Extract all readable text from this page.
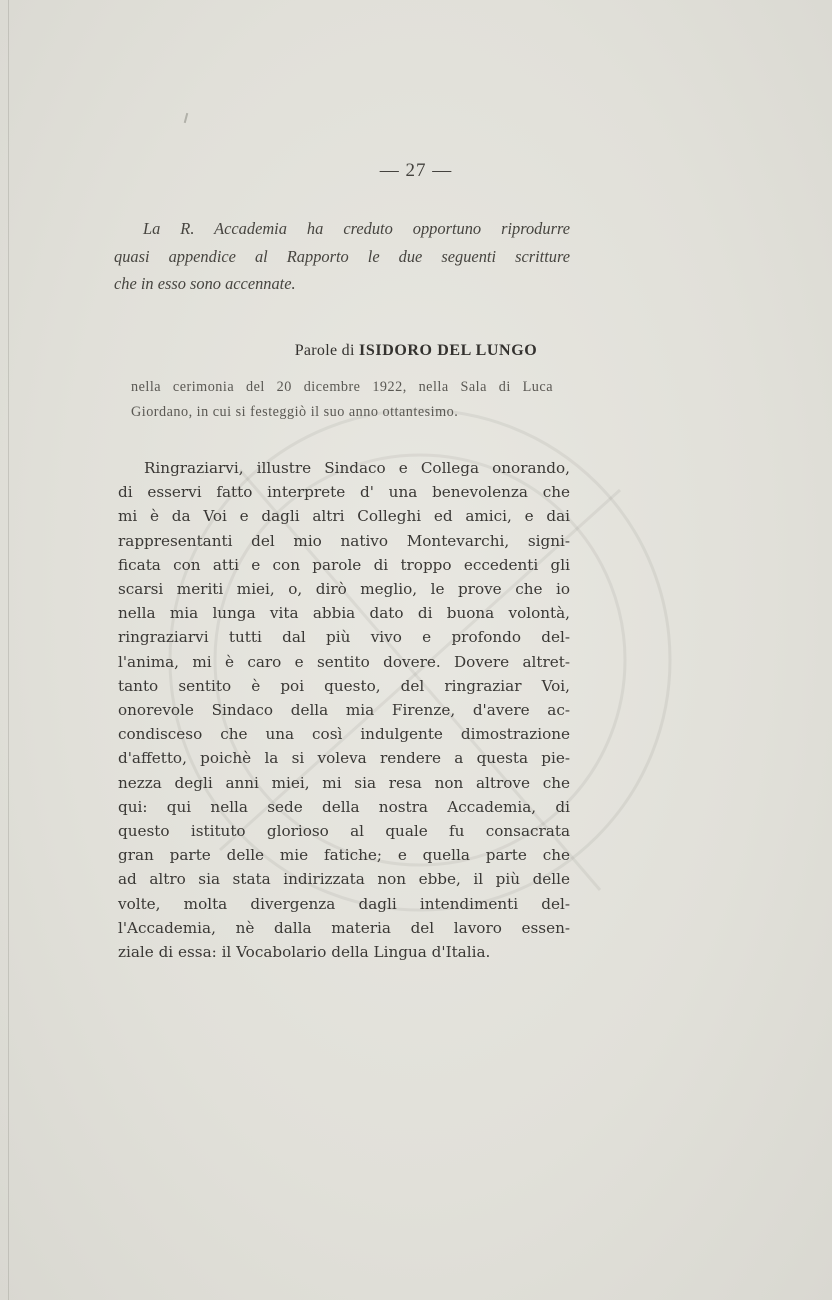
— 27 —
La R. Accademia ha creduto opportuno riprodurre
quasi appendice al Rapporto le due seguenti scritture
che in esso sono accennate.
Parole di ISIDORO DEL LUNGO
nella cerimonia del 20 dicembre 1922, nella Sala di Luca
Giordano, in cui si festeggiò il suo anno ottantesimo.
Ringraziarvi, illustre Sindaco e Collega onorando,
di esservi fatto interprete d' una benevolenza che
mi è da Voi e dagli altri Colleghi ed amici, e dai
rappresentanti del mio nativo Montevarchi, signi-
ficata con atti e con parole di troppo eccedenti gli
scarsi meriti miei, o, dirò meglio, le prove che io
nella mia lunga vita abbia dato di buona volontà,
ringraziarvi tutti dal più vivo e profondo del-
l'anima, mi è caro e sentito dovere. Dovere altret-
tanto sentito è poi questo, del ringraziar Voi,
onorevole Sindaco della mia Firenze, d'avere ac-
condisceso che una così indulgente dimostrazione
d'affetto, poichè la si voleva rendere a questa pie-
nezza degli anni miei, mi sia resa non altrove che
qui: qui nella sede della nostra Accademia, di
questo istituto glorioso al quale fu consacrata
gran parte delle mie fatiche; e quella parte che
ad altro sia stata indirizzata non ebbe, il più delle
volte, molta divergenza dagli intendimenti del-
l'Accademia, nè dalla materia del lavoro essen-
ziale di essa: il Vocabolario della Lingua d'Italia.
